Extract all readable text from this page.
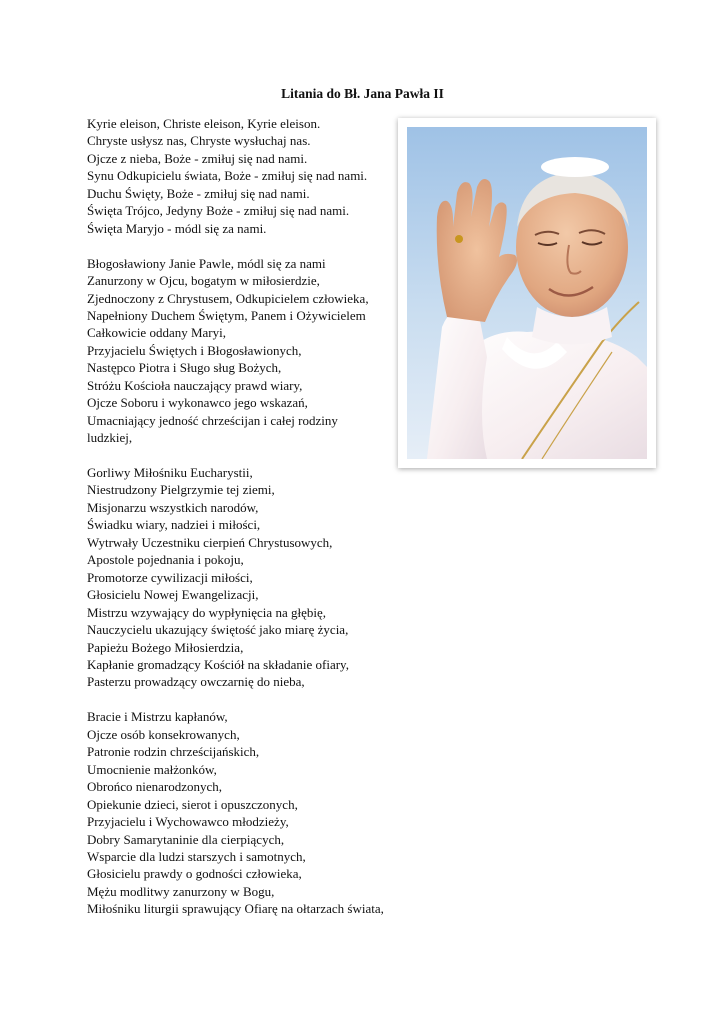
Litania do Bł. Jana Pawła II
Kyrie eleison, Christe eleison, Kyrie eleison.
Chryste usłysz nas, Chryste wysłuchaj nas.
Ojcze z nieba, Boże - zmiłuj się nad nami.
Synu Odkupicielu świata, Boże - zmiłuj się nad nami.
Duchu Święty, Boże - zmiłuj się nad nami.
Święta Trójco, Jedyny Boże - zmiłuj się nad nami.
Święta Maryjo - módl się za nami.
Błogosławiony Janie Pawle, módl się za nami
Zanurzony w Ojcu, bogatym w miłosierdzie,
Zjednoczony z Chrystusem, Odkupicielem człowieka,
Napełniony Duchem Świętym, Panem i Ożywicielem
Całkowicie oddany Maryi,
Przyjacielu Świętych i Błogosławionych,
Następco Piotra i Sługo sług Bożych,
Stróżu Kościoła nauczający prawd wiary,
Ojcze Soboru i wykonawco jego wskazań,
Umacniający jedność chrześcijan i całej rodziny
ludzkiej,
Gorliwy Miłośniku Eucharystii,
Niestrudzony Pielgrzymie tej ziemi,
Misjonarzu wszystkich narodów,
Świadku wiary, nadziei i miłości,
Wytrwały Uczestniku cierpień Chrystusowych,
Apostole pojednania i pokoju,
Promotorze cywilizacji miłości,
Głosicielu Nowej Ewangelizacji,
Mistrzu wzywający do wypłynięcia na głębię,
Nauczycielu ukazujący świętość jako miarę życia,
Papieżu Bożego Miłosierdzia,
Kapłanie gromadzący Kościół na składanie ofiary,
Pasterzu prowadzący owczarnię do nieba,
Bracie i Mistrzu kapłanów,
Ojcze osób konsekrowanych,
Patronie rodzin chrześcijańskich,
Umocnienie małżonków,
Obrońco nienarodzonych,
Opiekunie dzieci, sierot i opuszczonych,
Przyjacielu i Wychowawco młodzieży,
Dobry Samarytaninie dla cierpiących,
Wsparcie dla ludzi starszych i samotnych,
Głosicielu prawdy o godności człowieka,
Mężu modlitwy zanurzony w Bogu,
Miłośniku liturgii sprawujący Ofiarę na ołtarzach świata,
